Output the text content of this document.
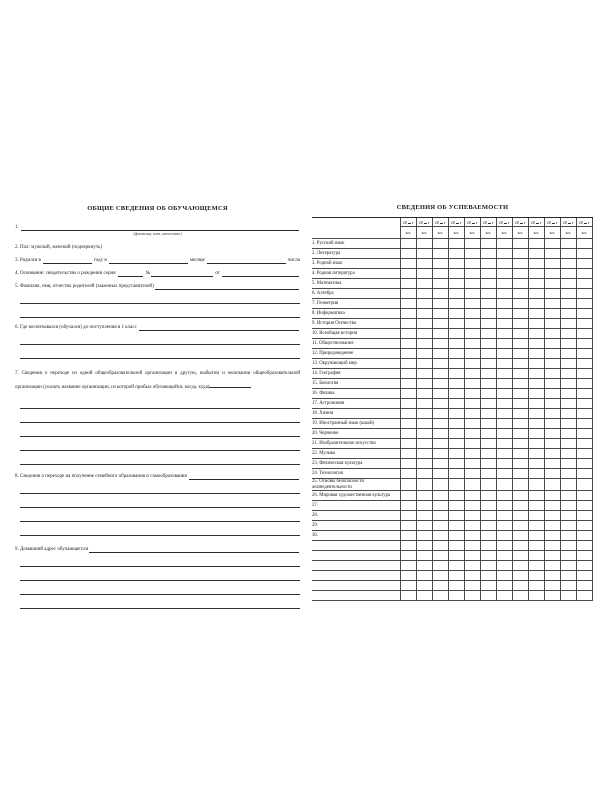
ОБЩИЕ СВЕДЕНИЯ ОБ ОБУЧАЮЩЕМСЯ
1.
(фамилия, имя, отчество)
2. Пол: мужской, женский (подчеркнуть)
3. Родился в	году в	месяце	числа
4. Основание: свидетельство о рождении серия	№	от
5. Фамилия, имя, отчество родителей (законных представителей)
6. Где воспитывался (обучался) до поступления в 1 класс
7. Сведения о переходе из одной общеобразовательной организации в другую, выбытии и окончании общеобразовательной организации (указать название организации, из которой прибыл обучающийся, когда, куда)
8. Сведения о переходе на получение семейного образования и самообразования
9. Домашний адрес обучающегося
СВЕДЕНИЯ ОБ УСПЕВАЕМОСТИ
	20 г.	20 г.	20 г.	20 г.	20 г.	20 г.	20 г.	20 г.	20 г.	20 г.	20 г.	20 г.
	кл.	кл.	кл.	кл.	кл.	кл.	кл.	кл.	кл.	кл.	кл.	кл.
1. Русский язык												
2. Литература												
3. Родной язык												
4. Родная литература												
5. Математика												
6. Алгебра												
7. Геометрия												
8. Информатика												
9. История Отечества												
10. Всеобщая история												
11. Обществознание												
12. Природоведение												
13. Окружающий мир												
14. География												
15. Биология												
16. Физика												
17. Астрономия												
18. Химия												
19. Иностранный язык (какой)												
20. Черчение												
21. Изобразительное искусство												
22. Музыка												
23. Физическая культура												
24. Технология												
25. Основы безопасности жизнедеятельности												
26. Мировая художественная культура												
27.												
28.												
29.												
30.												
